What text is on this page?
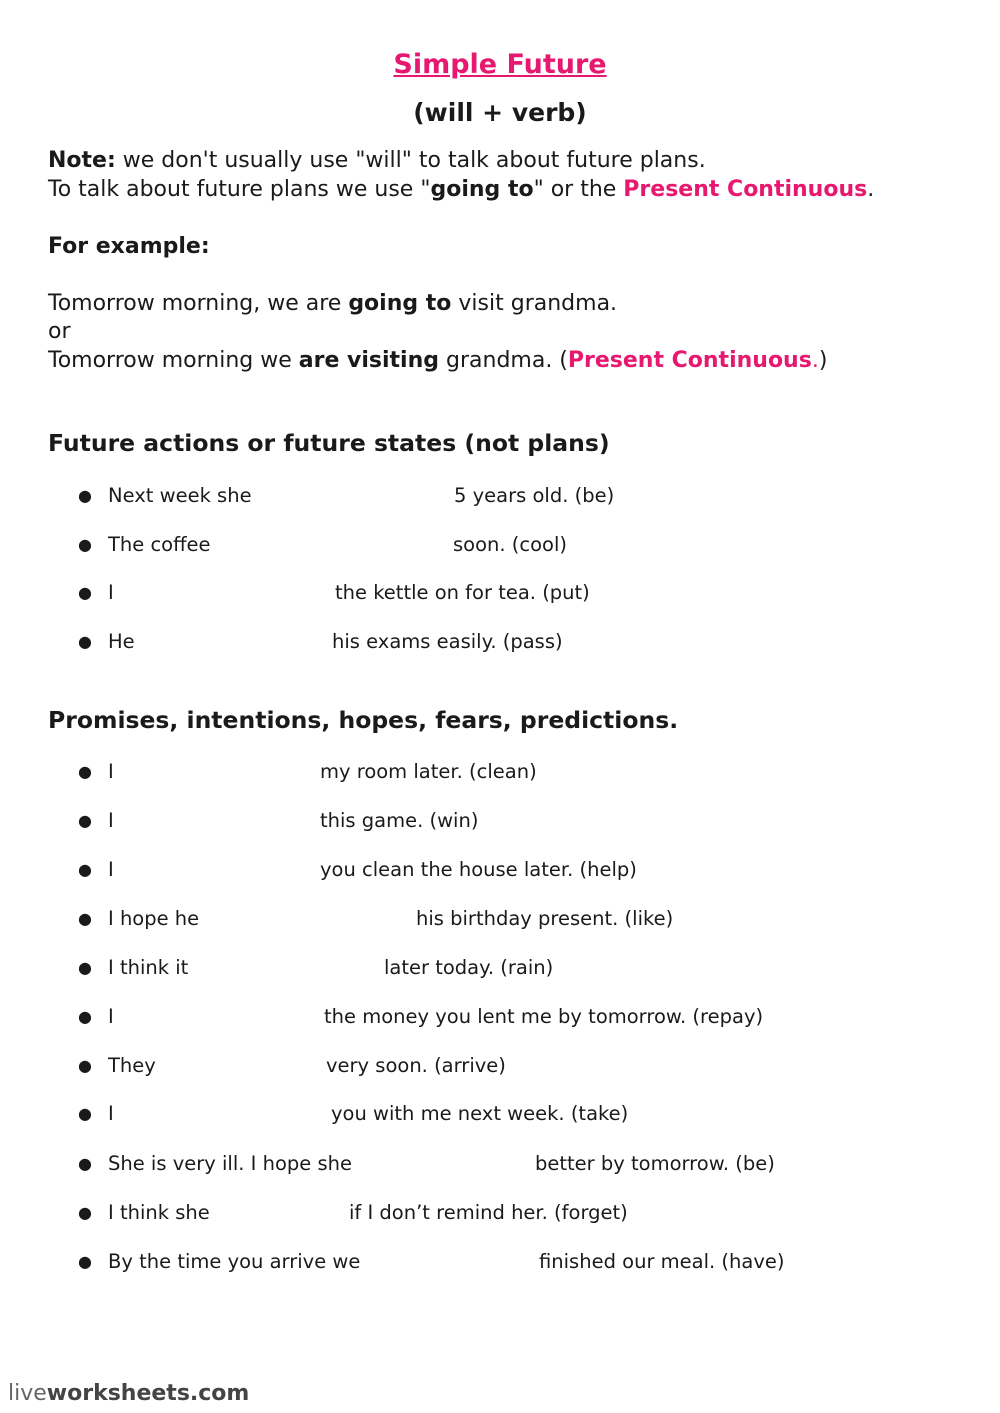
Simple Future
(will + verb)
Note: we don't usually use "will" to talk about future plans.
To talk about future plans we use "going to" or the Present Continuous.
For example:
Tomorrow morning, we are going to visit grandma.
or
Tomorrow morning we are visiting grandma. (Present Continuous.)
Future actions or future states (not plans)
● Next week she	5 years old. (be)
● The coffee	soon. (cool)
● I	the kettle on for tea. (put)
● He	his exams easily. (pass)
Promises, intentions, hopes, fears, predictions.
● I	my room later. (clean)
● I	this game. (win)
● I	you clean the house later. (help)
● I hope he	his birthday present. (like)
● I think it	later today. (rain)
● I	the money you lent me by tomorrow. (repay)
● They	very soon. (arrive)
● I	you with me next week. (take)
● She is very ill. I hope she	better by tomorrow. (be)
● I think she	if I don’t remind her. (forget)
● By the time you arrive we	finished our meal. (have)
liveworksheets.com
